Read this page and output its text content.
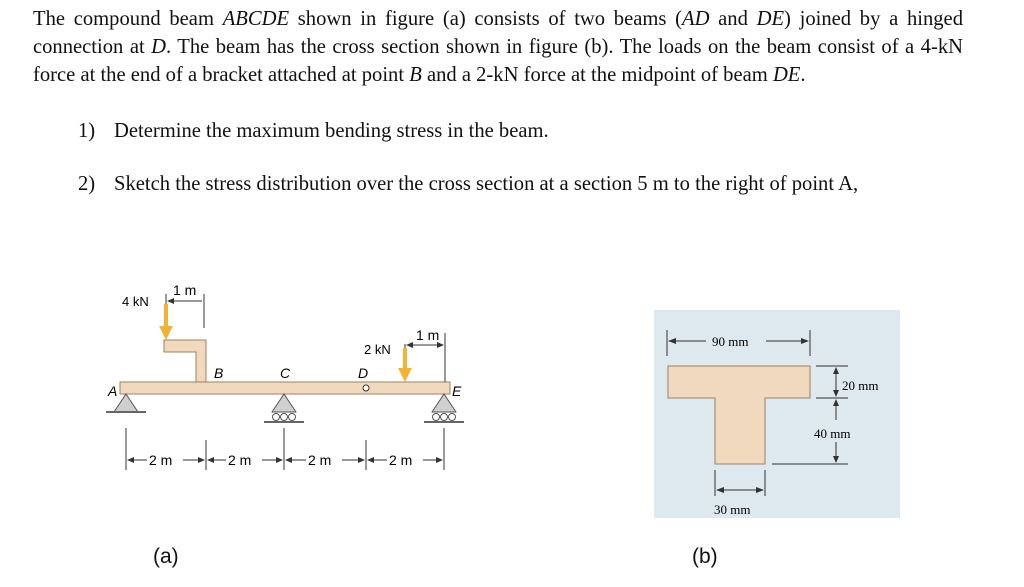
The compound beam ABCDE shown in figure (a) consists of two beams (AD and DE) joined by a hinged connection at D. The beam has the cross section shown in figure (b). The loads on the beam consist of a 4-kN force at the end of a bracket attached at point B and a 2-kN force at the midpoint of beam DE.
1) Determine the maximum bending stress in the beam.
2) Sketch the stress distribution over the cross section at a section 5 m to the right of point A,
4 kN
1 m
A
B	C	D
E
2 kN
1 m
2 m	2 m	2 m	2 m
(a)
90 mm
20 mm
40 mm
30 mm
(b)
